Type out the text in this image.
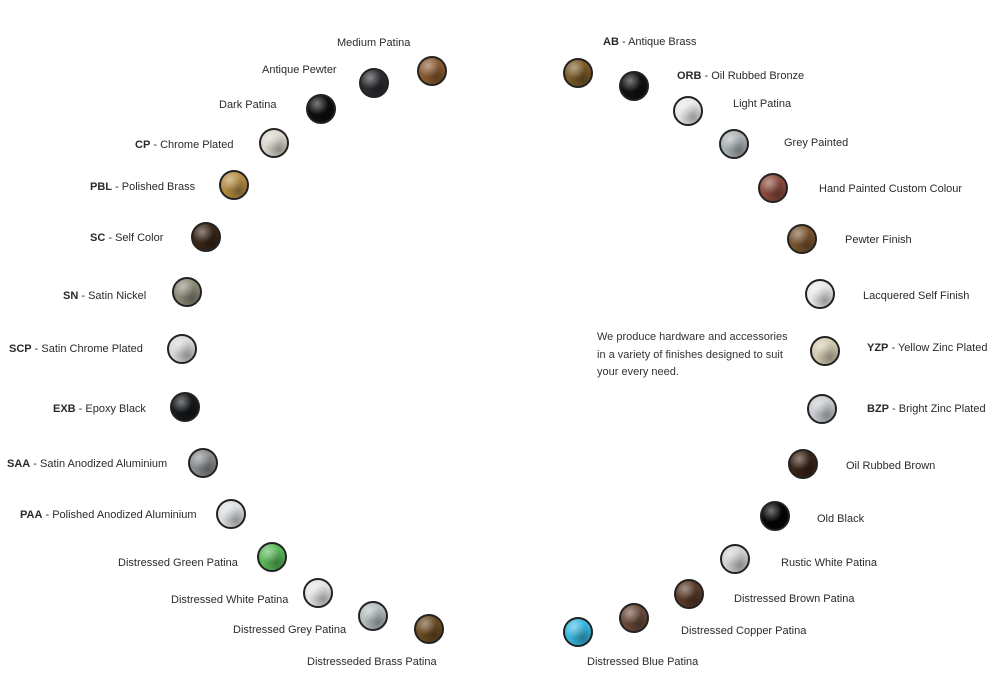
Medium Patina
Antique Pewter
Dark Patina
CP - Chrome Plated
PBL - Polished Brass
SC - Self Color
SN - Satin Nickel
SCP - Satin Chrome Plated
EXB - Epoxy Black
SAA - Satin Anodized Aluminium
PAA - Polished Anodized Aluminium
Distressed Green Patina
Distressed White Patina
Distressed Grey Patina
Distresseded Brass Patina
AB - Antique Brass
ORB - Oil Rubbed Bronze
Light Patina
Grey Painted
Hand Painted Custom Colour
Pewter Finish
Lacquered Self Finish
YZP - Yellow Zinc Plated
BZP - Bright Zinc Plated
Oil Rubbed Brown
Old Black
Rustic White Patina
Distressed Brown Patina
Distressed Copper Patina
Distressed Blue Patina
We produce hardware and accessories
in a variety of finishes designed to suit
your every need.
